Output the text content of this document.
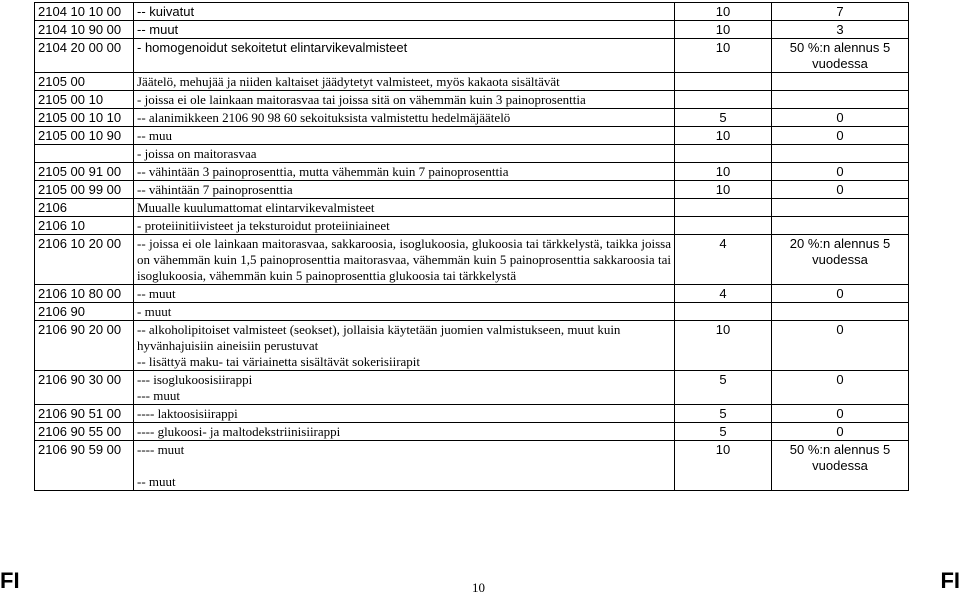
2104 10 10 00	-- kuivatut	10	7
2104 10 90 00	-- muut	10	3
2104 20 00 00	- homogenoidut sekoitetut elintarvikevalmisteet	10	50 %:n alennus 5 vuodessa
2105 00	Jäätelö, mehujää ja niiden kaltaiset jäädytetyt valmisteet, myös kakaota sisältävät		

2105 00 10	- joissa ei ole lainkaan maitorasvaa tai joissa sitä on vähemmän kuin 3 painoprosenttia		

2105 00 10 10	-- alanimikkeen 2106 90 98 60 sekoituksista valmistettu hedelmäjäätelö	5	0
2105 00 10 90	-- muu	10	0

	- joissa on maitorasvaa		

2105 00 91 00	-- vähintään 3 painoprosenttia, mutta vähemmän kuin 7 painoprosenttia	10	0
2105 00 99 00	-- vähintään 7 painoprosenttia	10	0
2106	Muualle kuulumattomat elintarvikevalmisteet		

2106 10	- proteiinitiivisteet ja teksturoidut proteiiniaineet		

2106 10 20 00	-- joissa ei ole lainkaan maitorasvaa, sakkaroosia, isoglukoosia, glukoosia tai tärkkelystä, taikka joissa on vähemmän kuin 1,5 painoprosenttia maitorasvaa, vähemmän kuin 5 painoprosenttia sakkaroosia tai isoglukoosia, vähemmän kuin 5 painoprosenttia glukoosia tai tärkkelystä	4	20 %:n alennus 5 vuodessa
2106 10 80 00	-- muut	4	0
2106 90	- muut		

2106 90 20 00	-- alkoholipitoiset valmisteet (seokset), jollaisia käytetään juomien valmistukseen, muut kuin hyvänhajuisiin aineisiin perustuvat
-- lisättyä maku- tai väriainetta sisältävät sokerisiirapit	10	0
2106 90 30 00	--- isoglukoosisiirappi
--- muut	5	0
2106 90 51 00	---- laktoosisiirappi	5	0
2106 90 55 00	---- glukoosi- ja maltodekstriinisiirappi	5	0
2106 90 59 00	---- muut

-- muut	10	50 %:n alennus 5 vuodessa
FI	10	FI
